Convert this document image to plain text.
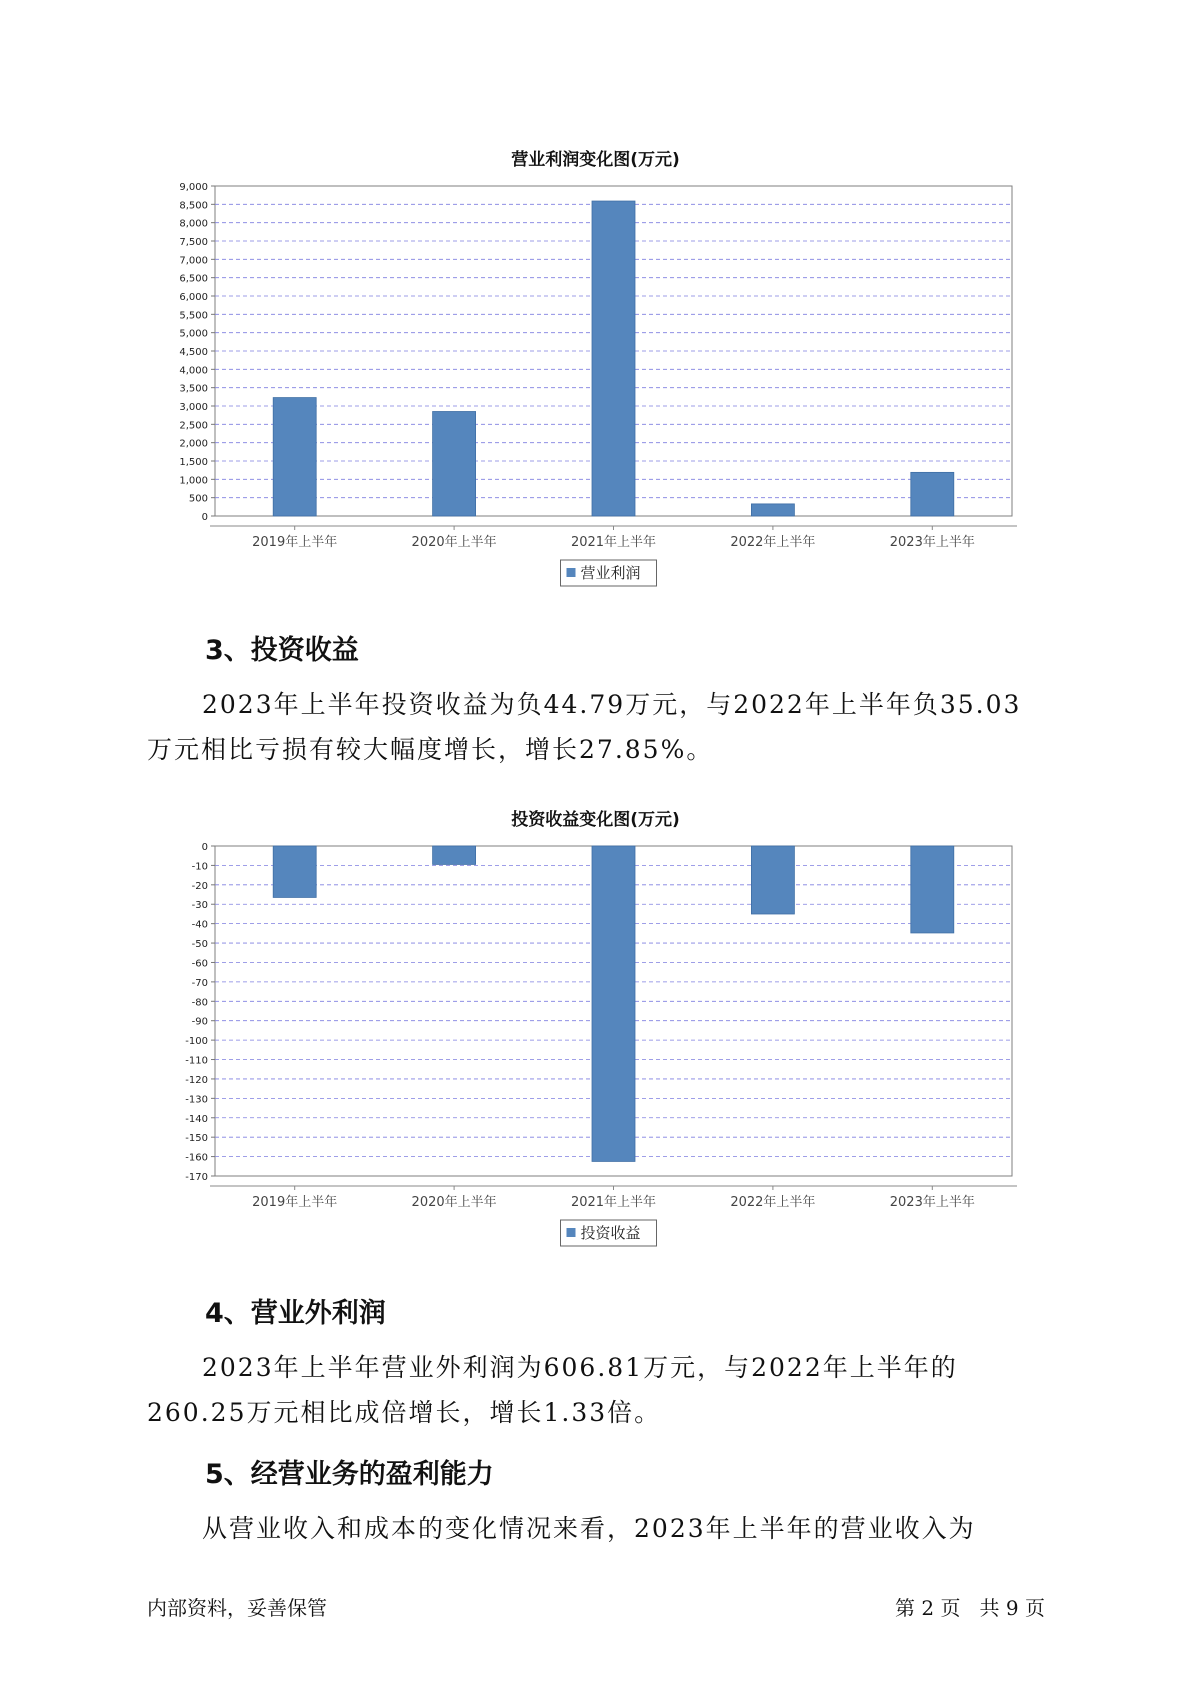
营业利润变化图(万元)
0
500
1,000
1,500
2,000
2,500
3,000
3,500
4,000
4,500
5,000
5,500
6,000
6,500
7,000
7,500
8,000
8,500
9,000
2019年上半年	2020年上半年	2021年上半年	2022年上半年	2023年上半年
营业利润
3、投资收益

2023年上半年投资收益为负44.79万元，与2022年上半年负35.03万元相比亏损有较大幅度增长，增长27.85%。

投资收益变化图(万元)
0
-10
-20
-30
-40
-50
-60
-70
-80
-90
-100
-110
-120
-130
-140
-150
-160
-170
2019年上半年	2020年上半年	2021年上半年	2022年上半年	2023年上半年
投资收益
4、营业外利润

2023年上半年营业外利润为606.81万元，与2022年上半年的260.25万元相比成倍增长，增长1.33倍。

5、经营业务的盈利能力

从营业收入和成本的变化情况来看，2023年上半年的营业收入为

内部资料，妥善保管	第 2 页   共 9 页
